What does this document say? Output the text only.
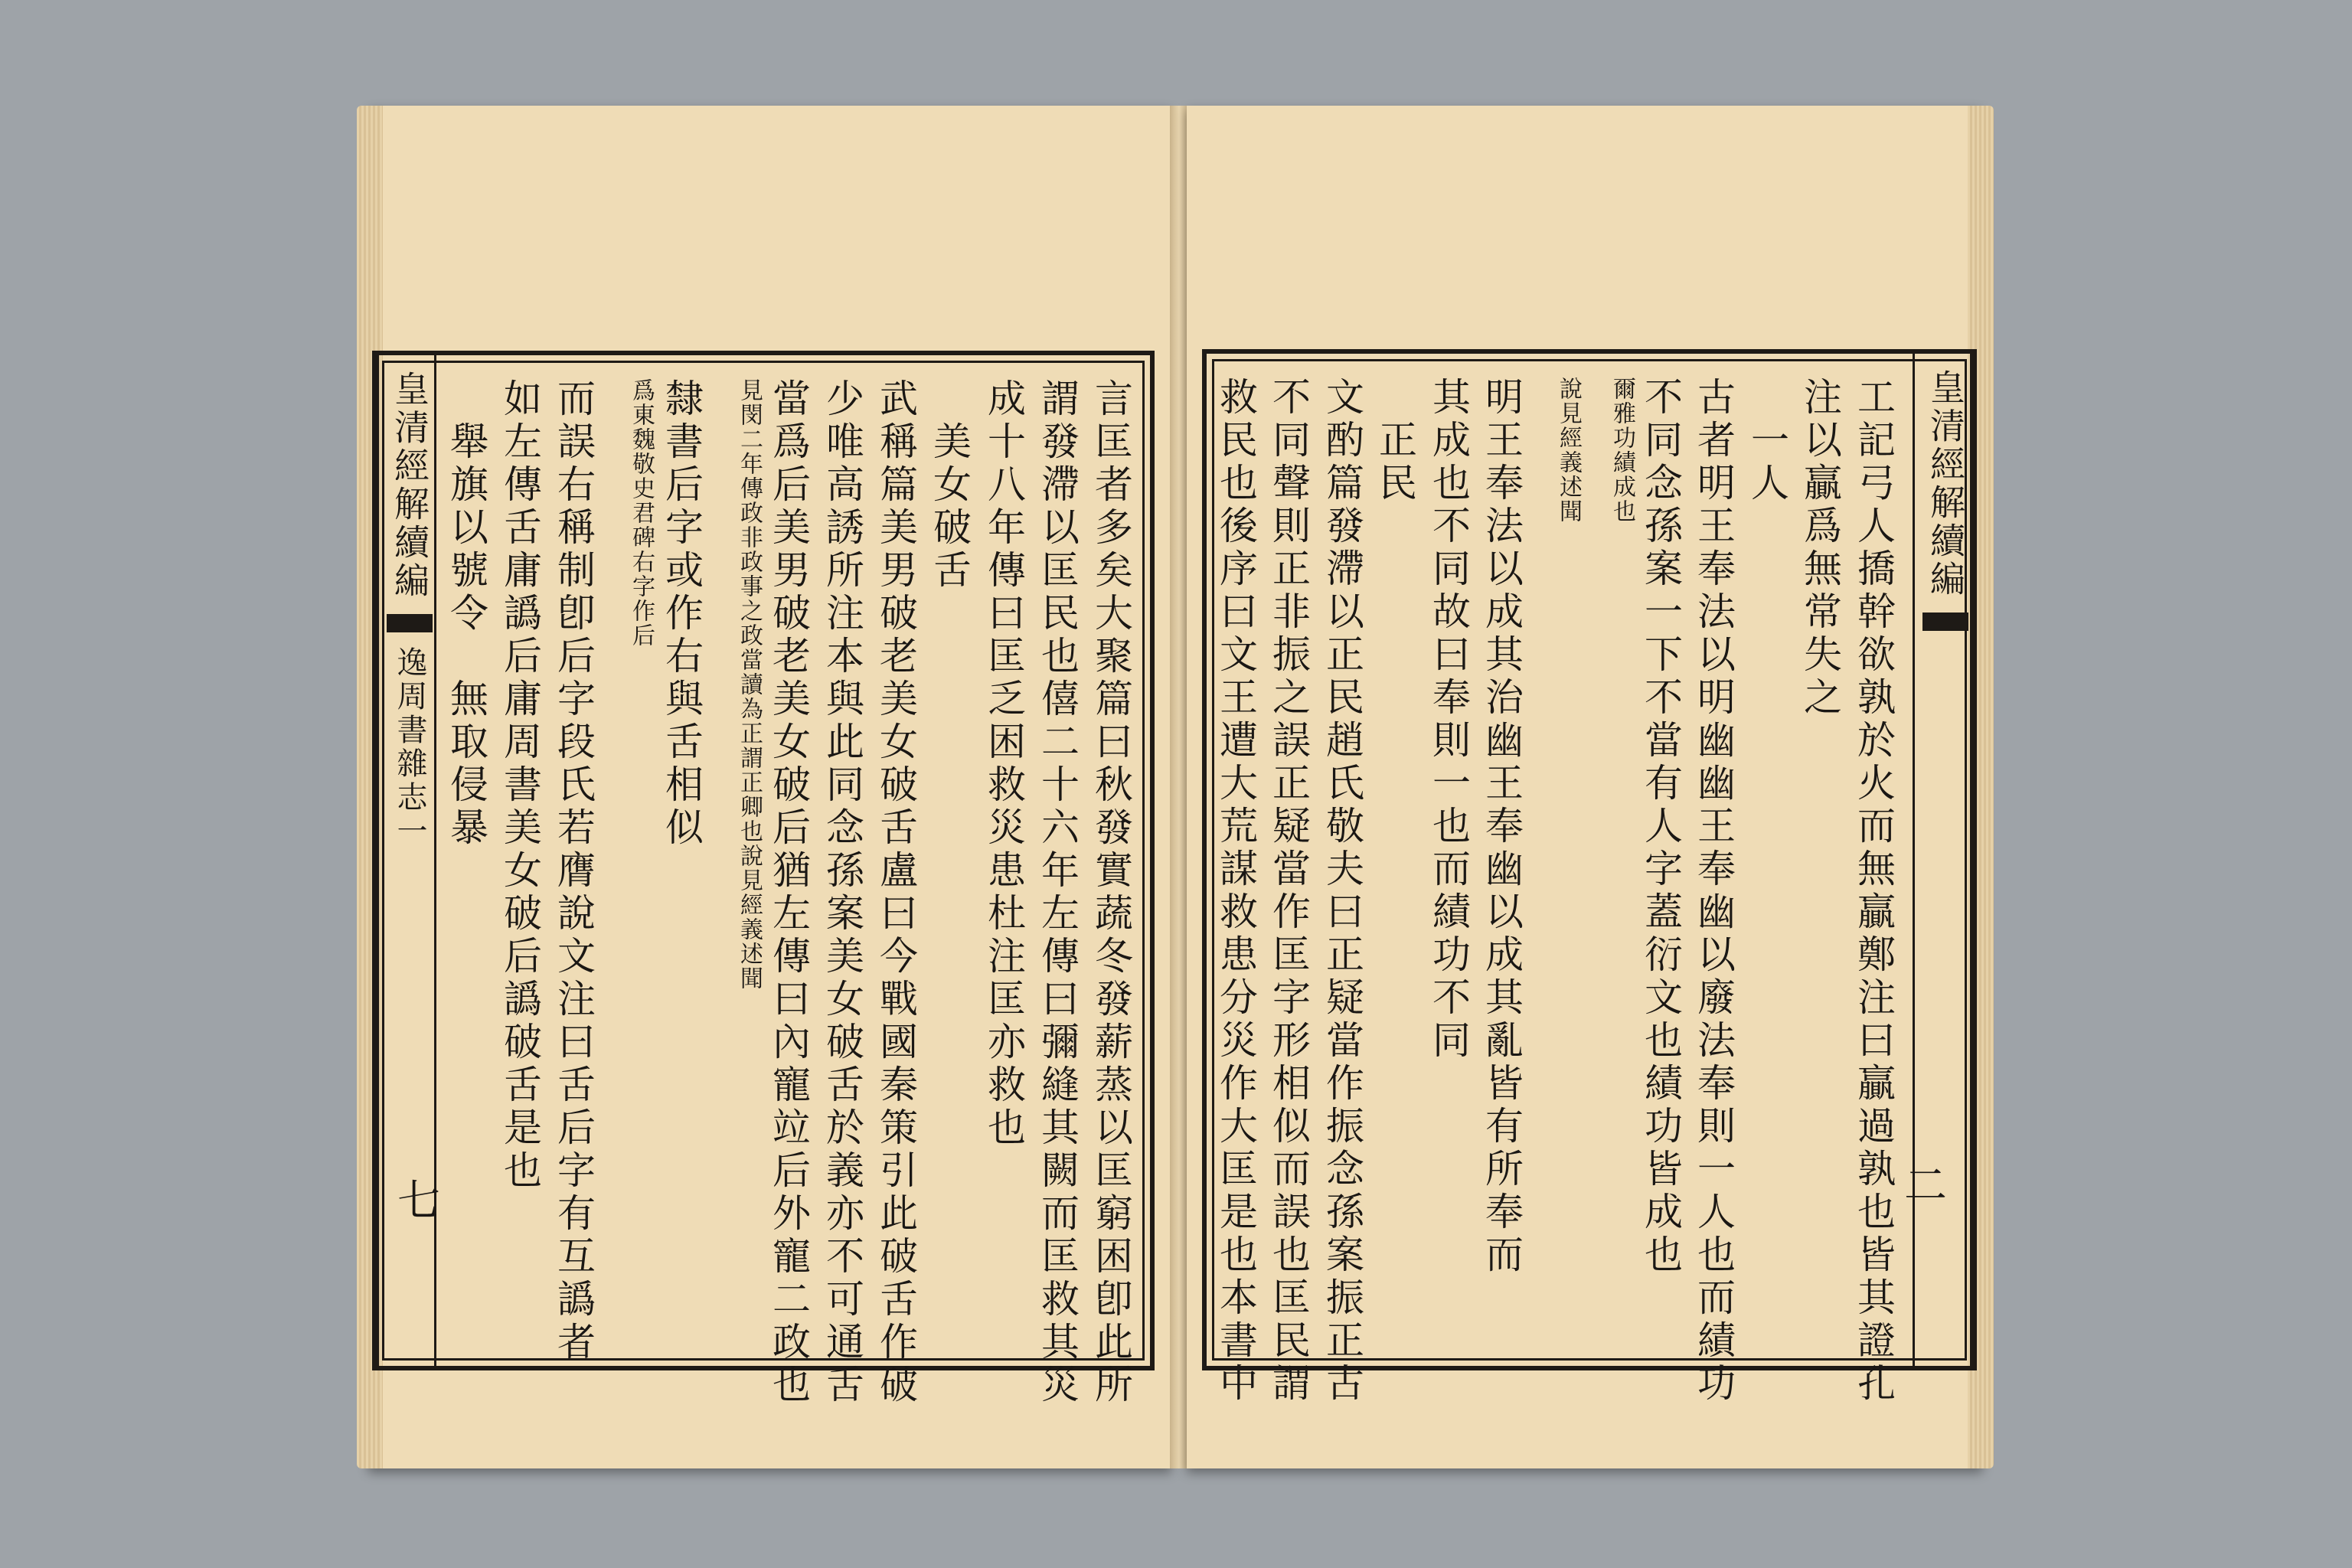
言匡者多矣大聚篇曰秋發實蔬冬發薪蒸以匡窮困卽此所
謂發滯以匡民也僖二十六年左傳曰彌縫其闕而匡救其災
成十八年傳曰匡乏困救災患杜注匡亦救也
　美女破舌
武稱篇美男破老美女破舌盧曰今戰國秦策引此破舌作破
少唯高誘所注本與此同念孫案美女破舌於義亦不可通舌
當爲后美男破老美女破后猶左傳曰內寵竝后外寵二政也
見閔二年傳政非政事之政當讀為正謂正卿也說見經義述聞
隸書后字或作右與舌相似
爲東魏敬史君碑右字作后
而誤右稱制卽后字段氏若膺說文注曰舌后字有互譌者
如左傳舌庸譌后庸周書美女破后譌破舌是也
　舉旗以號令　無取侵暴
皇清經解續編逸周書雜志一
七	工記弓人撟幹欲孰於火而無贏鄭注曰贏過孰也皆其證孔
注以贏爲無常失之
　一人
古者明王奉法以明幽幽王奉幽以廢法奉則一人也而績功
不同念孫案一下不當有人字蓋衍文也績功皆成也
爾雅功績成也
說見經義述聞
明王奉法以成其治幽王奉幽以成其亂皆有所奉而
其成也不同故曰奉則一也而績功不同
　正民
文酌篇發滯以正民趙氏敬夫曰正疑當作振念孫案振正古
不同聲則正非振之誤正疑當作匡字形相似而誤也匡民謂
救民也後序曰文王遭大荒謀救患分災作大匡是也本書中	皇清經解續編
二
